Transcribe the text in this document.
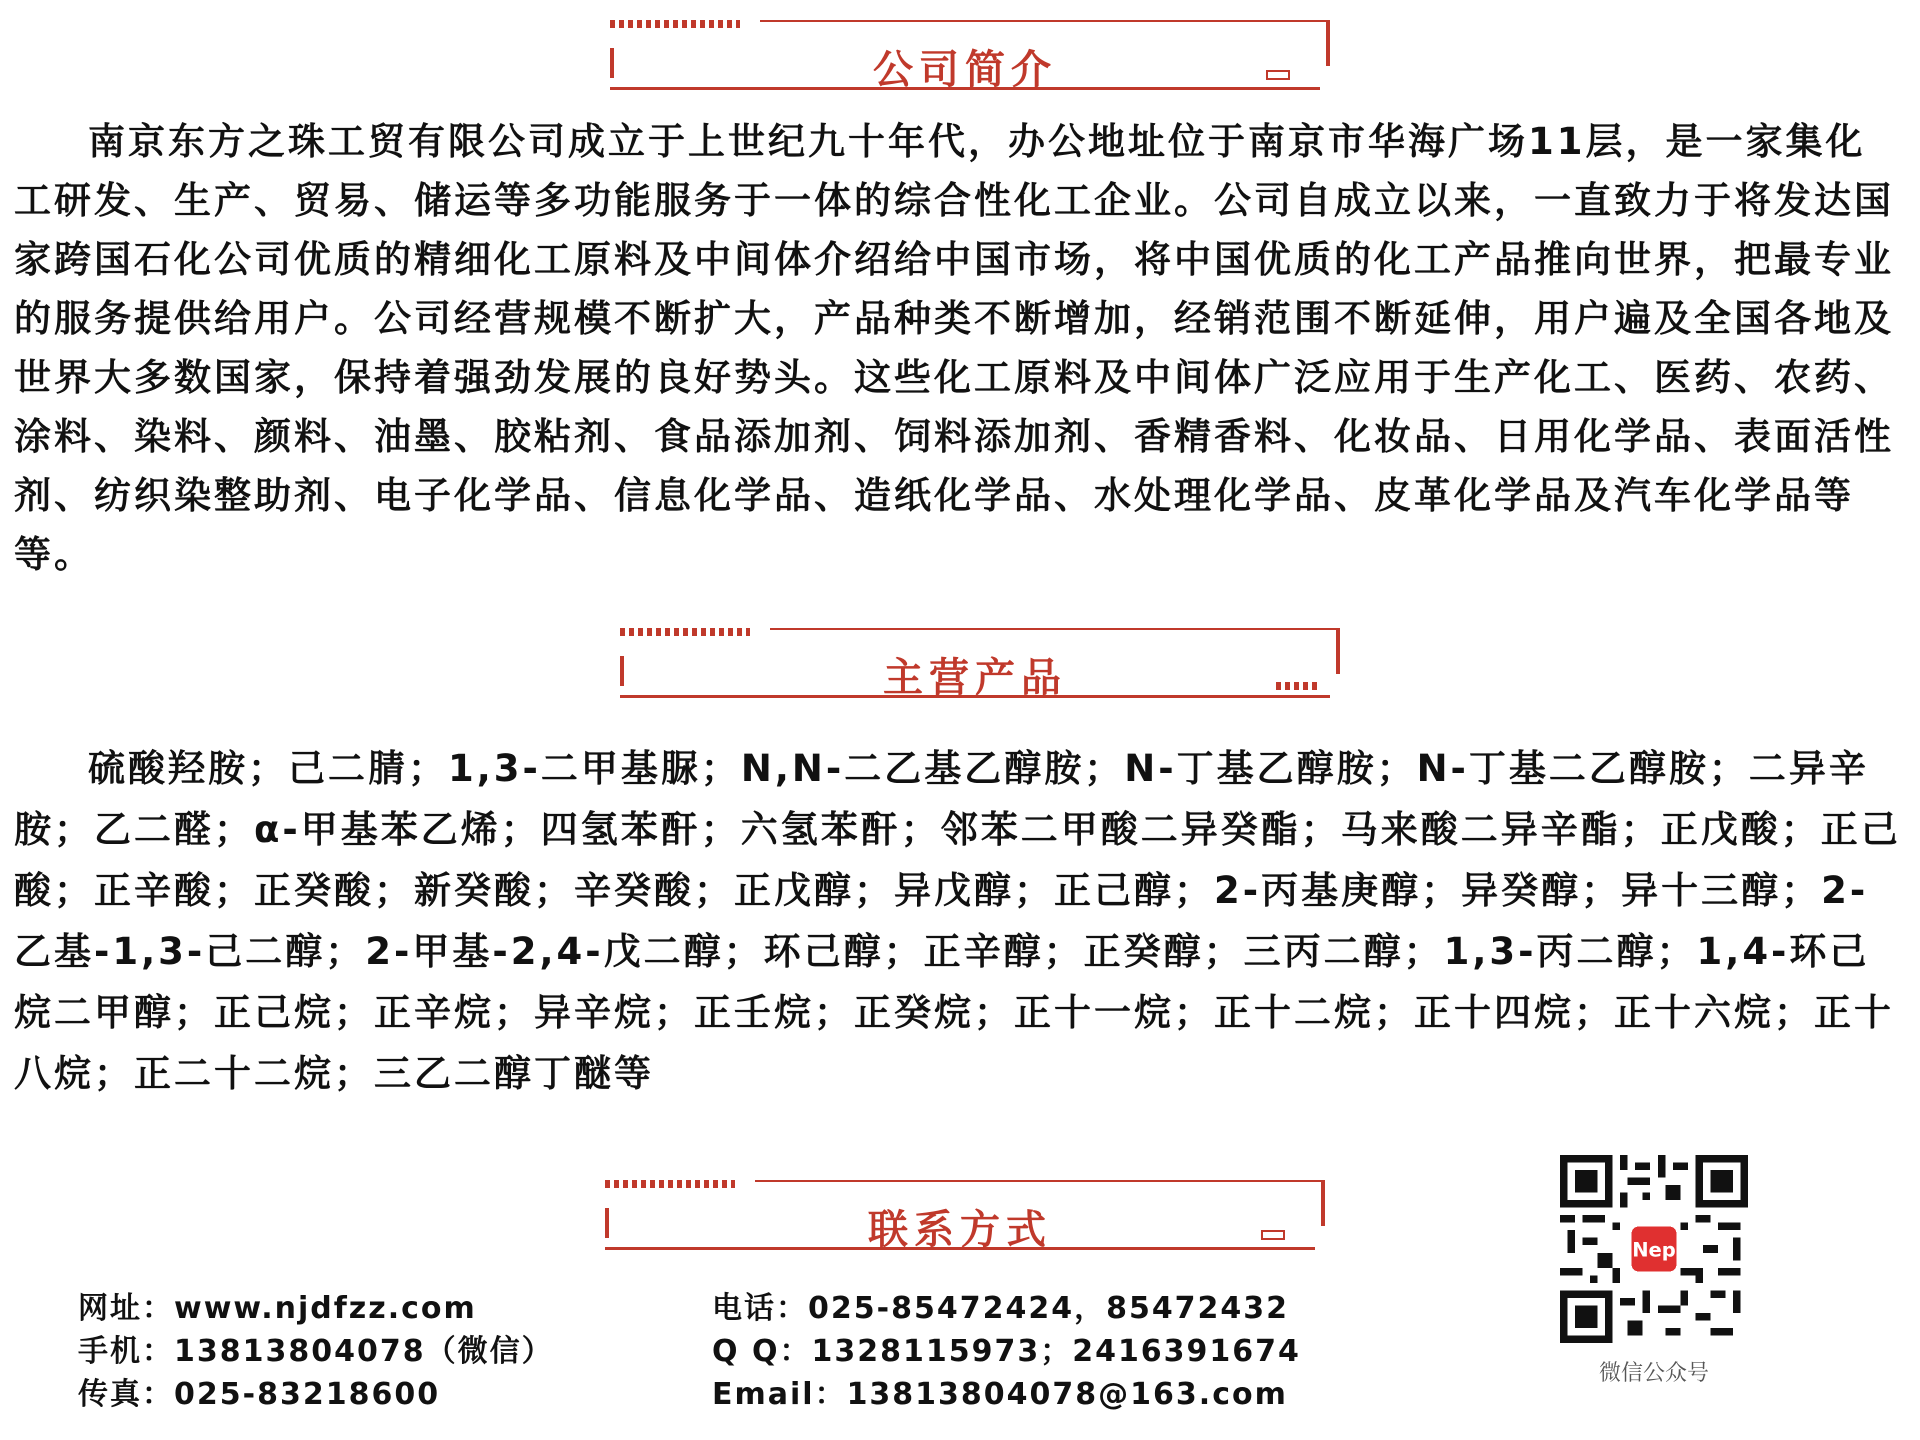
公司简介
南京东方之珠工贸有限公司成立于上世纪九十年代，办公地址位于南京市华海广场11层，是一家集化工研发、生产、贸易、储运等多功能服务于一体的综合性化工企业。公司自成立以来，一直致力于将发达国家跨国石化公司优质的精细化工原料及中间体介绍给中国市场，将中国优质的化工产品推向世界，把最专业的服务提供给用户。公司经营规模不断扩大，产品种类不断增加，经销范围不断延伸，用户遍及全国各地及世界大多数国家，保持着强劲发展的良好势头。这些化工原料及中间体广泛应用于生产化工、医药、农药、涂料、染料、颜料、油墨、胶粘剂、食品添加剂、饲料添加剂、香精香料、化妆品、日用化学品、表面活性剂、纺织染整助剂、电子化学品、信息化学品、造纸化学品、水处理化学品、皮革化学品及汽车化学品等等。
主营产品
硫酸羟胺；己二腈；1,3-二甲基脲；N,N-二乙基乙醇胺；N-丁基乙醇胺；N-丁基二乙醇胺；二异辛胺；乙二醛；α-甲基苯乙烯；四氢苯酐；六氢苯酐；邻苯二甲酸二异癸酯；马来酸二异辛酯；正戊酸；正己酸；正辛酸；正癸酸；新癸酸；辛癸酸；正戊醇；异戊醇；正己醇；2-丙基庚醇；异癸醇；异十三醇；2-乙基-1,3-己二醇；2-甲基-2,4-戊二醇；环己醇；正辛醇；正癸醇；三丙二醇；1,3-丙二醇；1,4-环己烷二甲醇；正己烷；正辛烷；异辛烷；正壬烷；正癸烷；正十一烷；正十二烷；正十四烷；正十六烷；正十八烷；正二十二烷；三乙二醇丁醚等
联系方式
网址：www.njdfzz.com
手机：13813804078（微信）
传真：025-83218600
电话：025-85472424，85472432
Q Q：1328115973；2416391674
Email：13813804078@163.com
Nep
微信公众号
